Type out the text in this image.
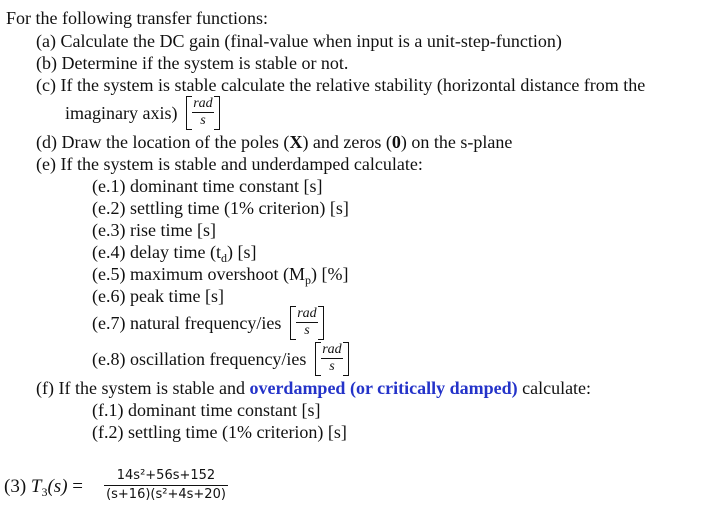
For the following transfer functions:
(a) Calculate the DC gain (final-value when input is a unit-step-function)
(b) Determine if the system is stable or not.
(c) If the system is stable calculate the relative stability (horizontal distance from the
imaginary axis) $\frac{\text{rad}}{s}$
(d) Draw the location of the poles (X) and zeros (0) on the s-plane
(e) If the system is stable and underdamped calculate:
(e.1) dominant time constant [s]
(e.2) settling time (1% criterion) [s]
(e.3) rise time [s]
(e.4) delay time $(t_d)$ [s]
(e.5) maximum overshoot $(M_p)$ [%]
(e.6) peak time [s]
(e.7) natural frequency/ies $\frac{\text{rad}}{s}$
(e.8) oscillation frequency/ies $\frac{\text{rad}}{s}$
(f) If the system is stable and overdamped (or critically damped) calculate:
(f.1) dominant time constant [s]
(f.2) settling time (1% criterion) [s]
(3) $T_3(s)$ =
14s²+56s+152
(s+16)(s²+4s+20)
